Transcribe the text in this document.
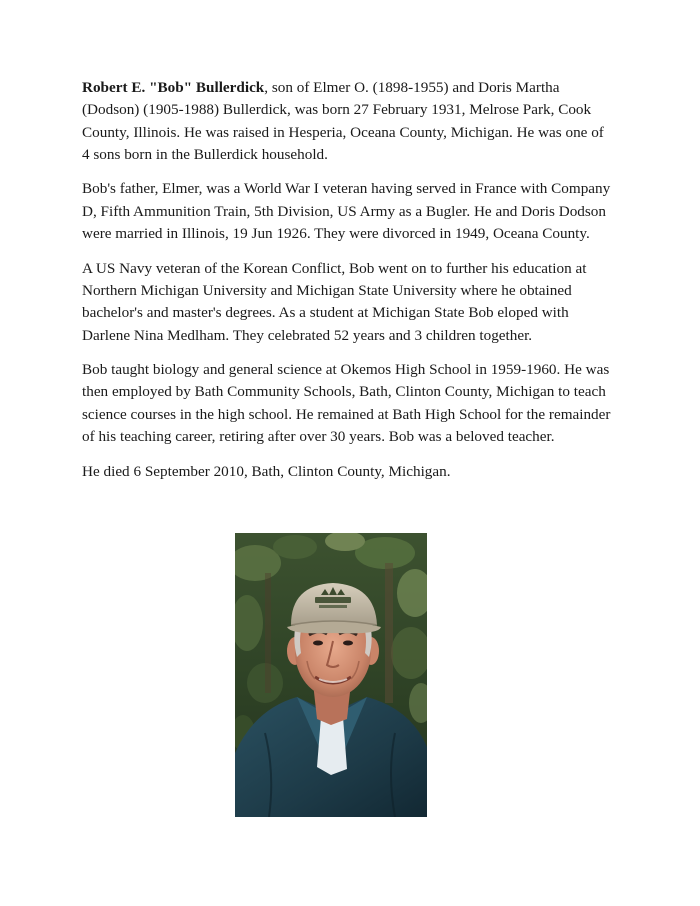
Robert E. "Bob" Bullerdick, son of Elmer O. (1898-1955) and Doris Martha (Dodson) (1905-1988) Bullerdick, was born 27 February 1931, Melrose Park, Cook County, Illinois. He was raised in Hesperia, Oceana County, Michigan. He was one of 4 sons born in the Bullerdick household.

Bob's father, Elmer, was a World War I veteran having served in France with Company D, Fifth Ammunition Train, 5th Division, US Army as a Bugler. He and Doris Dodson were married in Illinois, 19 Jun 1926. They were divorced in 1949, Oceana County.

A US Navy veteran of the Korean Conflict, Bob went on to further his education at Northern Michigan University and Michigan State University where he obtained bachelor's and master's degrees. As a student at Michigan State Bob eloped with Darlene Nina Medlham. They celebrated 52 years and 3 children together.

Bob taught biology and general science at Okemos High School in 1959-1960. He was then employed by Bath Community Schools, Bath, Clinton County, Michigan to teach science courses in the high school. He remained at Bath High School for the remainder of his teaching career, retiring after over 30 years. Bob was a beloved teacher.

He died 6 September 2010, Bath, Clinton County, Michigan.
